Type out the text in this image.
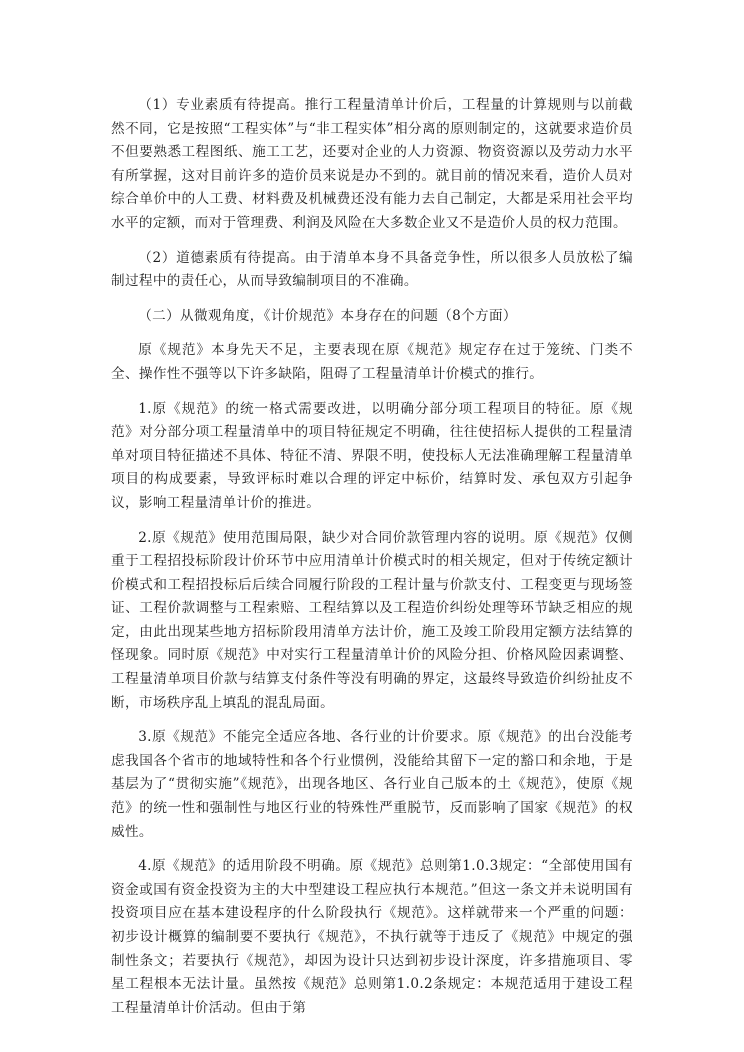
（1）专业素质有待提高。推行工程量清单计价后，工程量的计算规则与以前截然不同，它是按照“工程实体”与“非工程实体”相分离的原则制定的，这就要求造价员不但要熟悉工程图纸、施工工艺，还要对企业的人力资源、物资资源以及劳动力水平有所掌握，这对目前许多的造价员来说是办不到的。就目前的情况来看，造价人员对综合单价中的人工费、材料费及机械费还没有能力去自己制定，大都是采用社会平均水平的定额，而对于管理费、利润及风险在大多数企业又不是造价人员的权力范围。

（2）道德素质有待提高。由于清单本身不具备竞争性，所以很多人员放松了编制过程中的责任心，从而导致编制项目的不准确。

（二）从微观角度，《计价规范》本身存在的问题（8个方面）

原《规范》本身先天不足，主要表现在原《规范》规定存在过于笼统、门类不全、操作性不强等以下许多缺陷，阻碍了工程量清单计价模式的推行。

1.原《规范》的统一格式需要改进，以明确分部分项工程项目的特征。原《规范》对分部分项工程量清单中的项目特征规定不明确，往往使招标人提供的工程量清单对项目特征描述不具体、特征不清、界限不明，使投标人无法准确理解工程量清单项目的构成要素，导致评标时难以合理的评定中标价，结算时发、承包双方引起争议，影响工程量清单计价的推进。

2.原《规范》使用范围局限，缺少对合同价款管理内容的说明。原《规范》仅侧重于工程招投标阶段计价环节中应用清单计价模式时的相关规定，但对于传统定额计价模式和工程招投标后后续合同履行阶段的工程计量与价款支付、工程变更与现场签证、工程价款调整与工程索赔、工程结算以及工程造价纠纷处理等环节缺乏相应的规定，由此出现某些地方招标阶段用清单方法计价，施工及竣工阶段用定额方法结算的怪现象。同时原《规范》中对实行工程量清单计价的风险分担、价格风险因素调整、工程量清单项目价款与结算支付条件等没有明确的界定，这最终导致造价纠纷扯皮不断，市场秩序乱上填乱的混乱局面。

3.原《规范》不能完全适应各地、各行业的计价要求。原《规范》的出台没能考虑我国各个省市的地域特性和各个行业惯例，没能给其留下一定的豁口和余地，于是基层为了“贯彻实施”《规范》，出现各地区、各行业自己版本的土《规范》，使原《规范》的统一性和强制性与地区行业的特殊性严重脱节，反而影响了国家《规范》的权威性。

4.原《规范》的适用阶段不明确。原《规范》总则第1.0.3规定：“全部使用国有资金或国有资金投资为主的大中型建设工程应执行本规范。”但这一条文并未说明国有投资项目应在基本建设程序的什么阶段执行《规范》。这样就带来一个严重的问题：初步设计概算的编制要不要执行《规范》，不执行就等于违反了《规范》中规定的强制性条文；若要执行《规范》，却因为设计只达到初步设计深度，许多措施项目、零星工程根本无法计量。虽然按《规范》总则第1.0.2条规定：本规范适用于建设工程工程量清单计价活动。但由于第
